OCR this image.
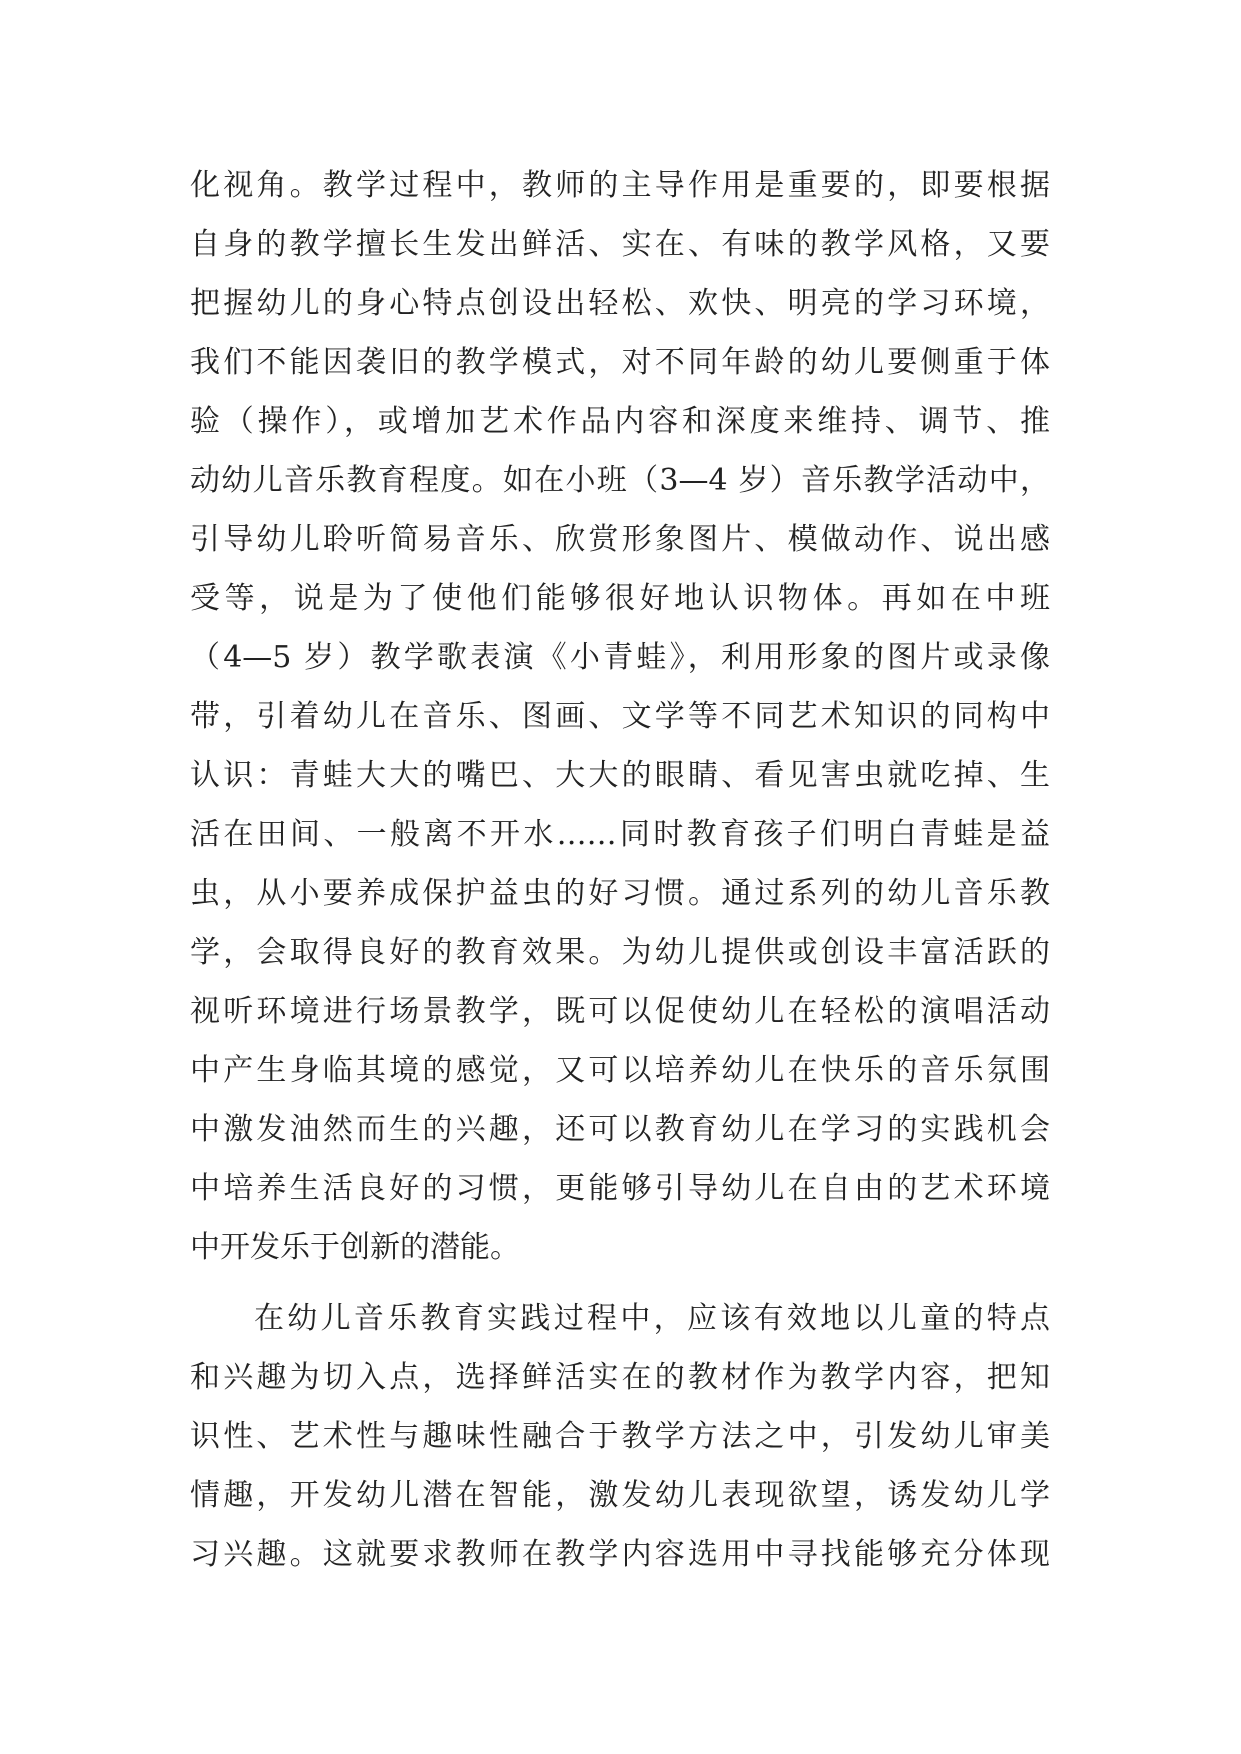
化视角。教学过程中，教师的主导作用是重要的，即要根据

自身的教学擅长生发出鲜活、实在、有味的教学风格，又要

把握幼儿的身心特点创设出轻松、欢快、明亮的学习环境，

我们不能因袭旧的教学模式，对不同年龄的幼儿要侧重于体

验（操作），或增加艺术作品内容和深度来维持、调节、推

动幼儿音乐教育程度。如在小班（3—4 岁）音乐教学活动中，

引导幼儿聆听简易音乐、欣赏形象图片、模做动作、说出感

受等，说是为了使他们能够很好地认识物体。再如在中班

（4—5 岁）教学歌表演《小青蛙》，利用形象的图片或录像

带，引着幼儿在音乐、图画、文学等不同艺术知识的同构中

认识：青蛙大大的嘴巴、大大的眼睛、看见害虫就吃掉、生

活在田间、一般离不开水……同时教育孩子们明白青蛙是益

虫，从小要养成保护益虫的好习惯。通过系列的幼儿音乐教

学，会取得良好的教育效果。为幼儿提供或创设丰富活跃的

视听环境进行场景教学，既可以促使幼儿在轻松的演唱活动

中产生身临其境的感觉，又可以培养幼儿在快乐的音乐氛围

中激发油然而生的兴趣，还可以教育幼儿在学习的实践机会

中培养生活良好的习惯，更能够引导幼儿在自由的艺术环境

中开发乐于创新的潜能。

在幼儿音乐教育实践过程中，应该有效地以儿童的特点

和兴趣为切入点，选择鲜活实在的教材作为教学内容，把知

识性、艺术性与趣味性融合于教学方法之中，引发幼儿审美

情趣，开发幼儿潜在智能，激发幼儿表现欲望，诱发幼儿学

习兴趣。这就要求教师在教学内容选用中寻找能够充分体现
